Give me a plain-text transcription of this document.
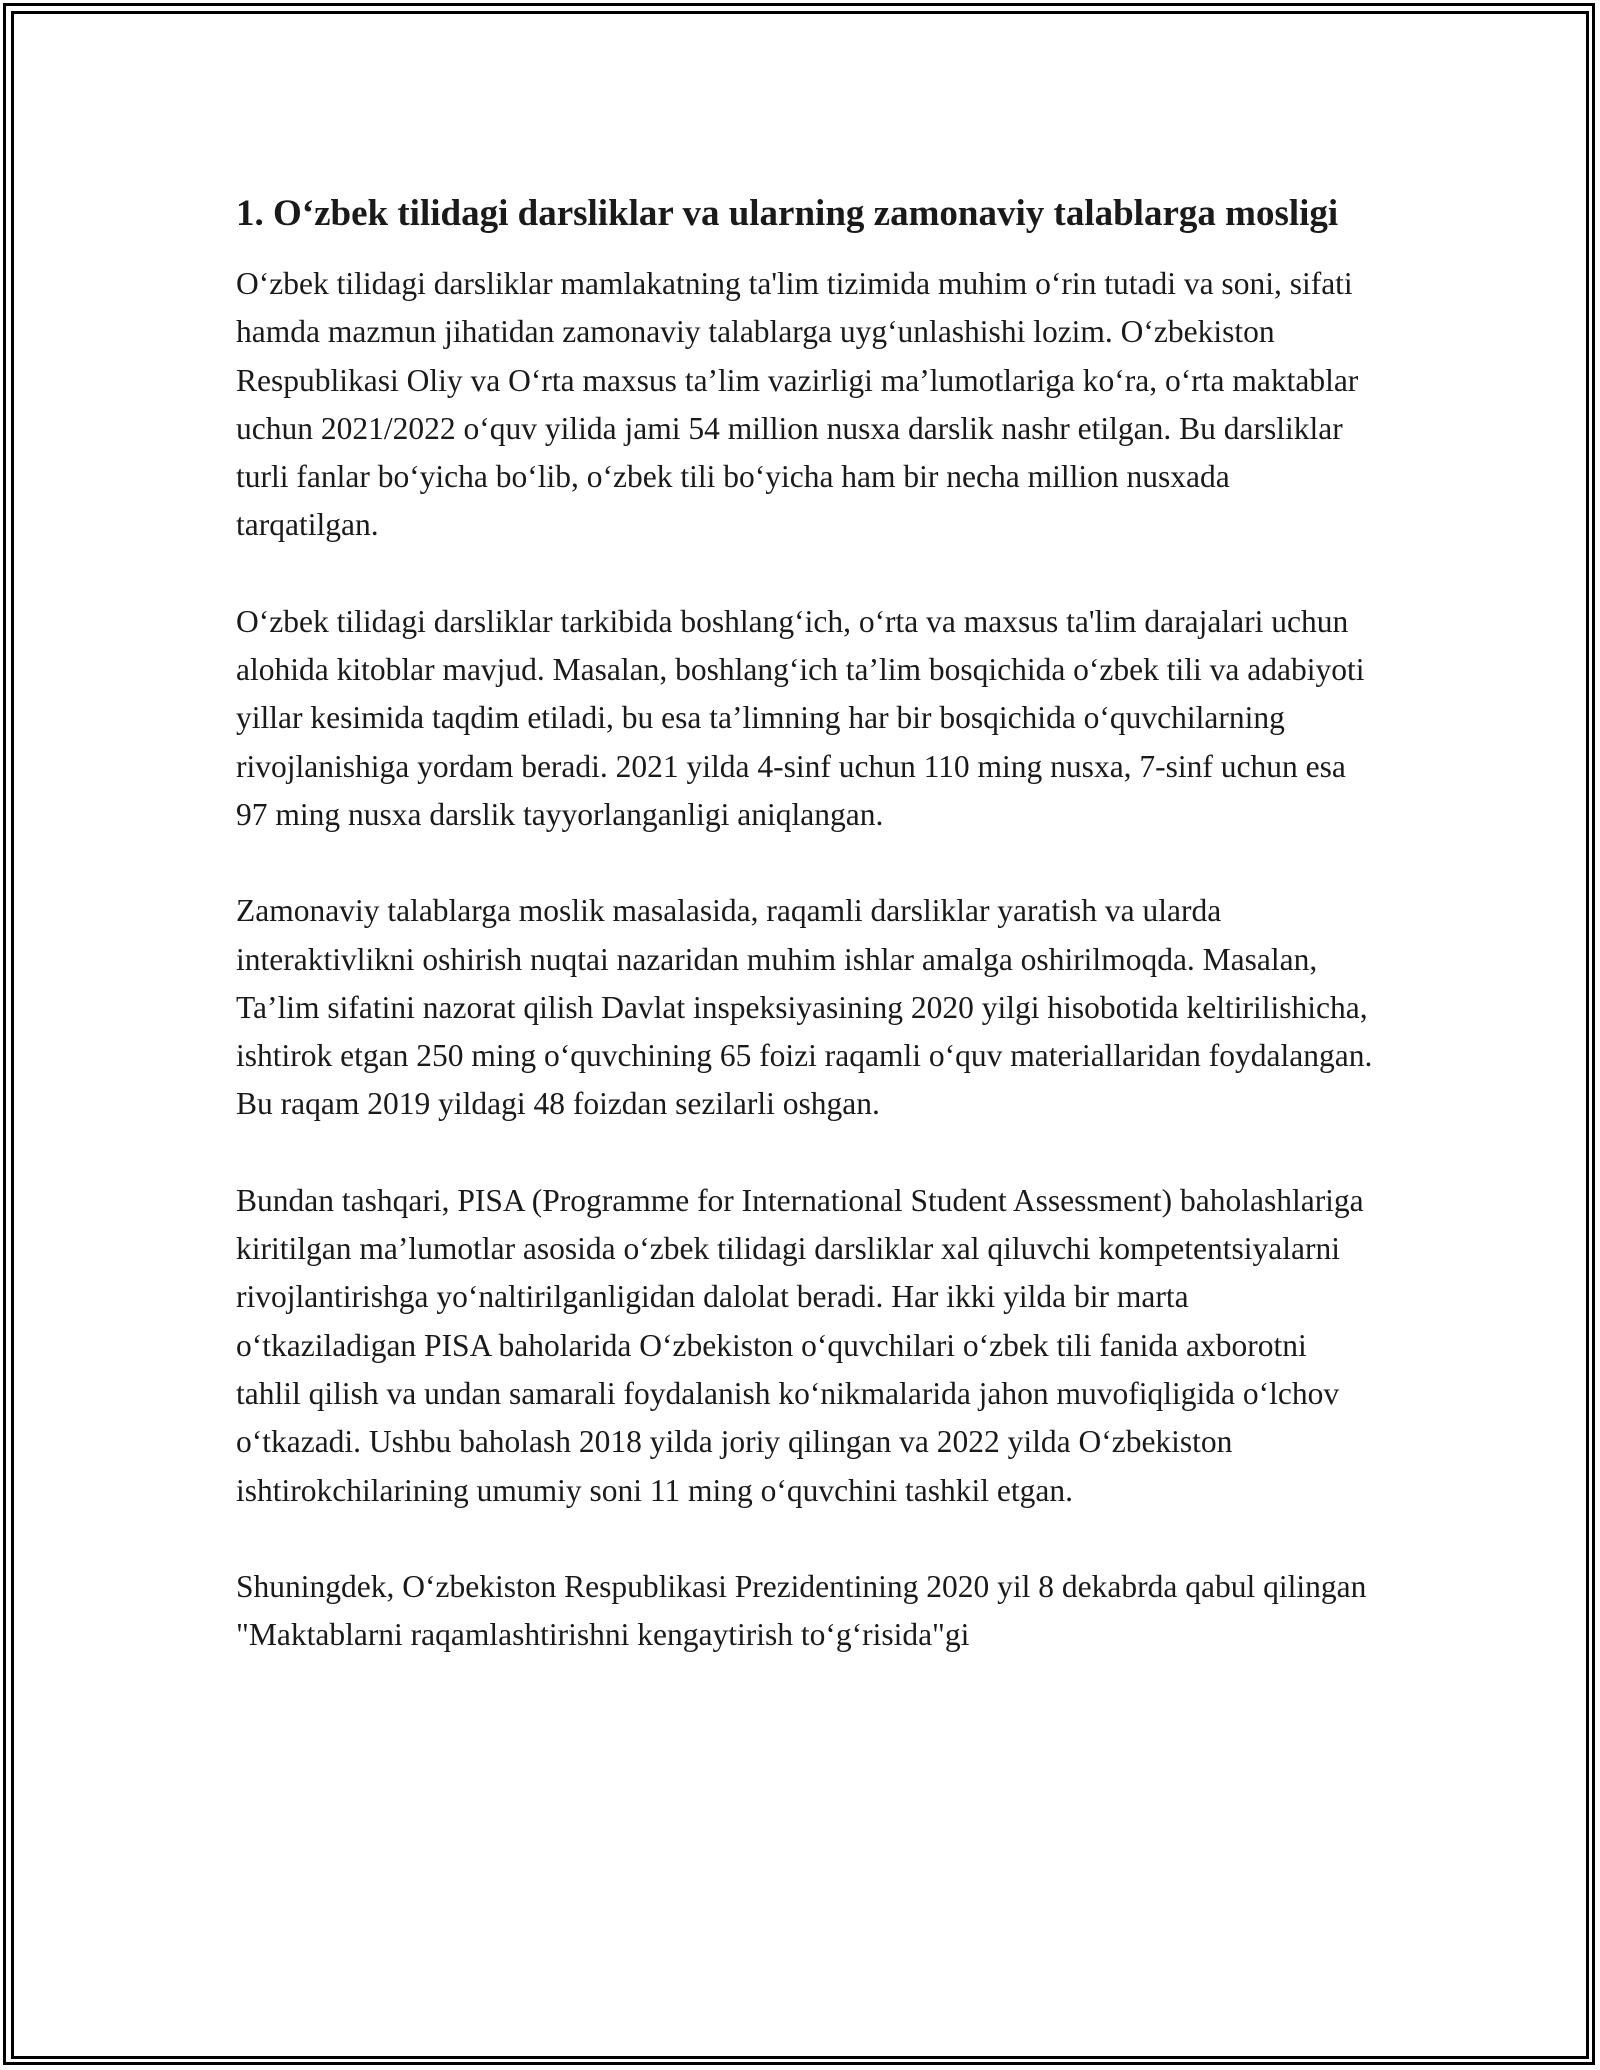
1. O‘zbek tilidagi darsliklar va ularning zamonaviy talablarga mosligi

O‘zbek tilidagi darsliklar mamlakatning ta'lim tizimida muhim o‘rin tutadi va soni, sifati hamda mazmun jihatidan zamonaviy talablarga uyg‘unlashishi lozim. O‘zbekiston Respublikasi Oliy va O‘rta maxsus ta’lim vazirligi ma’lumotlariga ko‘ra, o‘rta maktablar uchun 2021/2022 o‘quv yilida jami 54 million nusxa darslik nashr etilgan. Bu darsliklar turli fanlar bo‘yicha bo‘lib, o‘zbek tili bo‘yicha ham bir necha million nusxada tarqatilgan.

O‘zbek tilidagi darsliklar tarkibida boshlang‘ich, o‘rta va maxsus ta'lim darajalari uchun alohida kitoblar mavjud. Masalan, boshlang‘ich ta’lim bosqichida o‘zbek tili va adabiyoti yillar kesimida taqdim etiladi, bu esa ta’limning har bir bosqichida o‘quvchilarning rivojlanishiga yordam beradi. 2021 yilda 4-sinf uchun 110 ming nusxa, 7-sinf uchun esa 97 ming nusxa darslik tayyorlanganligi aniqlangan.

Zamonaviy talablarga moslik masalasida, raqamli darsliklar yaratish va ularda interaktivlikni oshirish nuqtai nazaridan muhim ishlar amalga oshirilmoqda. Masalan, Ta’lim sifatini nazorat qilish Davlat inspeksiyasining 2020 yilgi hisobotida keltirilishicha, ishtirok etgan 250 ming o‘quvchining 65 foizi raqamli o‘quv materiallaridan foydalangan. Bu raqam 2019 yildagi 48 foizdan sezilarli oshgan.

Bundan tashqari, PISA (Programme for International Student Assessment) baholashlariga kiritilgan ma’lumotlar asosida o‘zbek tilidagi darsliklar xal qiluvchi kompetentsiyalarni rivojlantirishga yo‘naltirilganligidan dalolat beradi. Har ikki yilda bir marta o‘tkaziladigan PISA baholarida O‘zbekiston o‘quvchilari o‘zbek tili fanida axborotni tahlil qilish va undan samarali foydalanish ko‘nikmalarida jahon muvofiqligida o‘lchov o‘tkazadi. Ushbu baholash 2018 yilda joriy qilingan va 2022 yilda O‘zbekiston ishtirokchilarining umumiy soni 11 ming o‘quvchini tashkil etgan.

Shuningdek, O‘zbekiston Respublikasi Prezidentining 2020 yil 8 dekabrda qabul qilingan "Maktablarni raqamlashtirishni kengaytirish to‘g‘risida"gi
